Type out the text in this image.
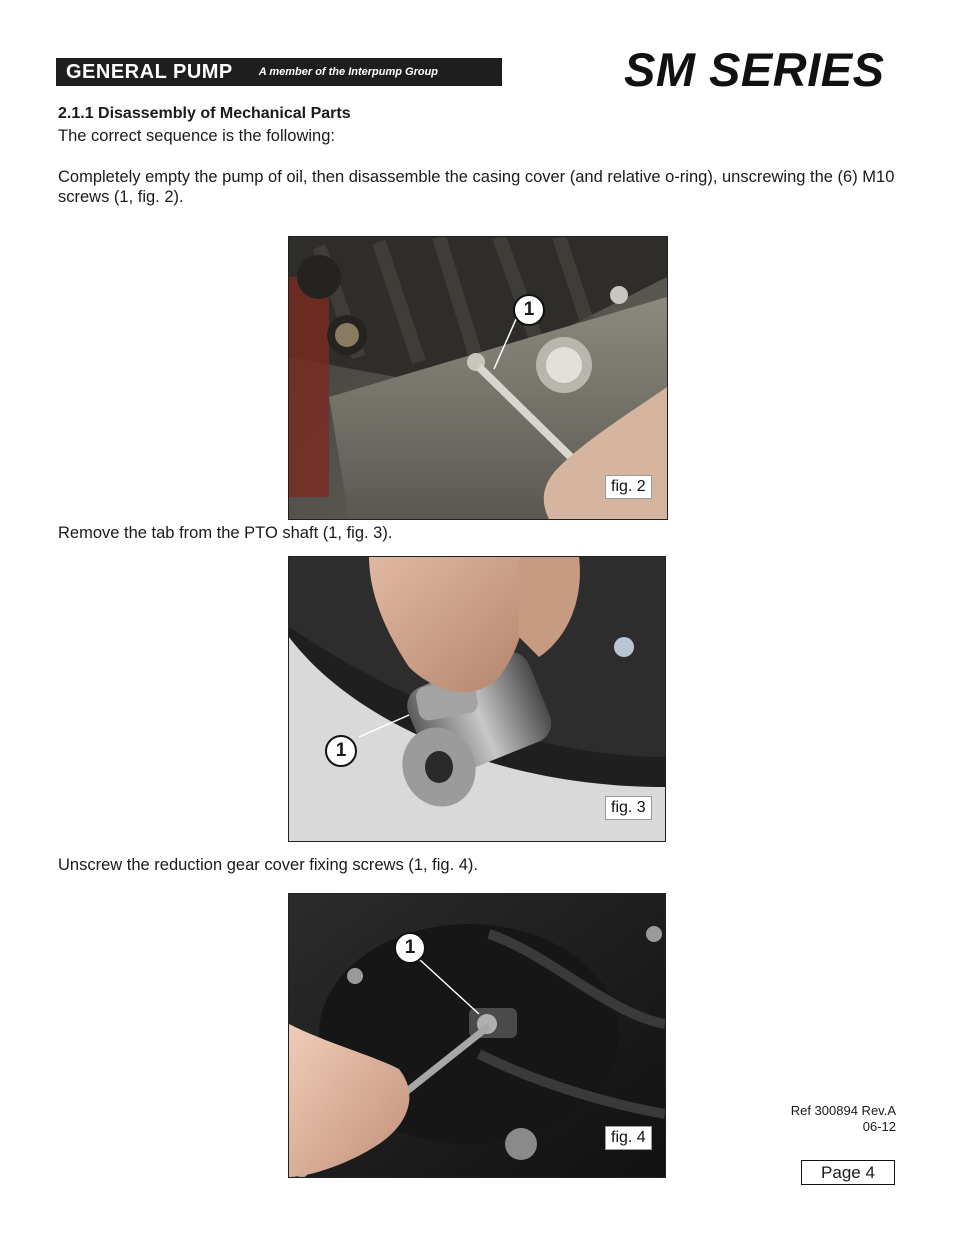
GENERAL PUMP A member of the Interpump Group	SM SERIES
2.1.1 Disassembly of Mechanical Parts
The correct sequence is the following:
Completely empty the pump of oil, then disassemble the casing cover (and relative o-ring), unscrewing the (6) M10 screws (1, fig. 2).
1
fig. 2
Remove the tab from the PTO shaft (1, fig. 3).
1
fig. 3
Unscrew the reduction gear cover fixing screws (1, fig. 4).
1
fig. 4
Ref 300894 Rev.A
06-12
Page 4
